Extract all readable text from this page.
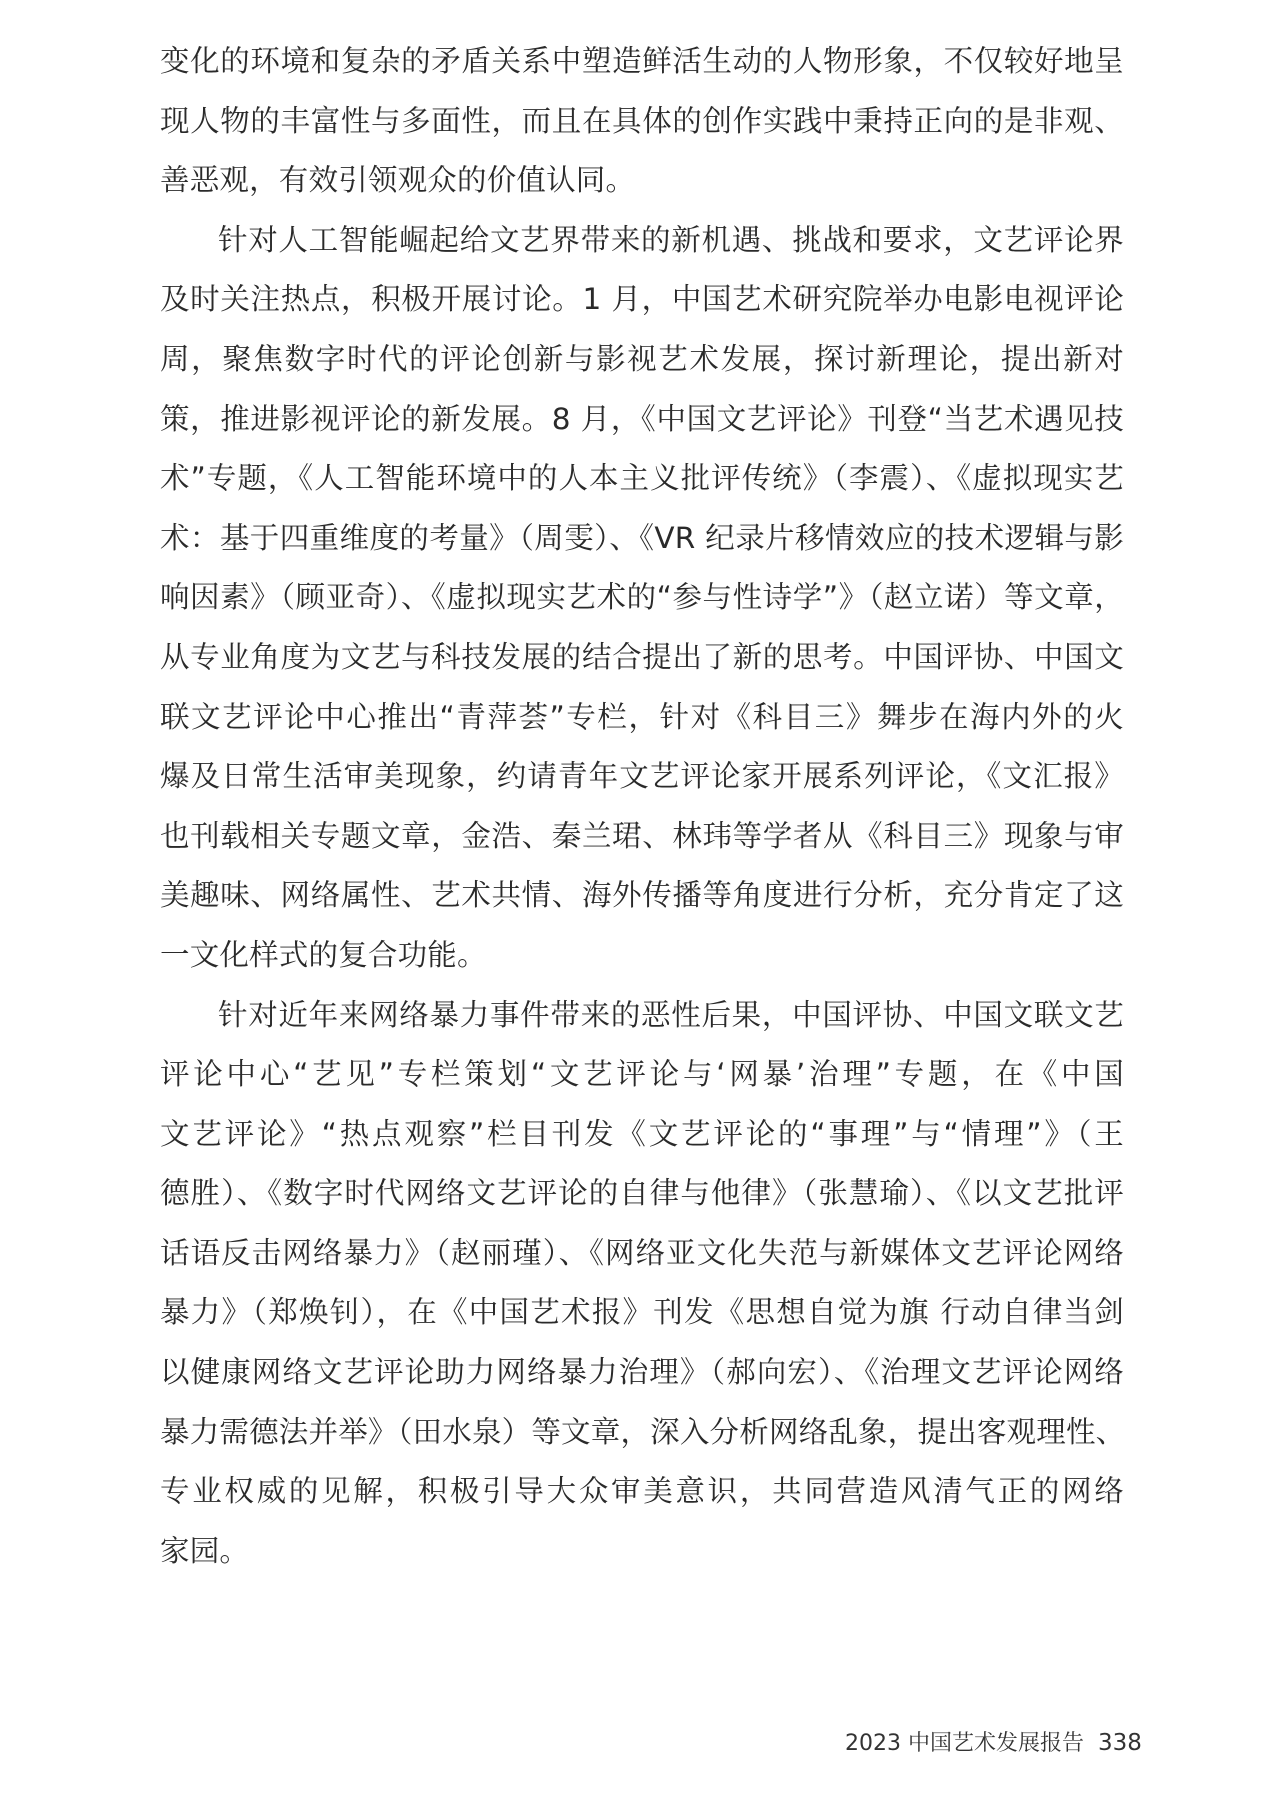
变化的环境和复杂的矛盾关系中塑造鲜活生动的人物形象，不仅较好地呈
现人物的丰富性与多面性，而且在具体的创作实践中秉持正向的是非观、
善恶观，有效引领观众的价值认同。
针对人工智能崛起给文艺界带来的新机遇、挑战和要求，文艺评论界
及时关注热点，积极开展讨论。1 月，中国艺术研究院举办电影电视评论
周，聚焦数字时代的评论创新与影视艺术发展，探讨新理论，提出新对
策，推进影视评论的新发展。8 月，《中国文艺评论》刊登“当艺术遇见技
术”专题，《人工智能环境中的人本主义批评传统》（李震）、《虚拟现实艺
术：基于四重维度的考量》（周雯）、《VR 纪录片移情效应的技术逻辑与影
响因素》（顾亚奇）、《虚拟现实艺术的“参与性诗学”》（赵立诺）等文章，
从专业角度为文艺与科技发展的结合提出了新的思考。中国评协、中国文
联文艺评论中心推出“青萍荟”专栏，针对《科目三》舞步在海内外的火
爆及日常生活审美现象，约请青年文艺评论家开展系列评论，《文汇报》
也刊载相关专题文章，金浩、秦兰珺、林玮等学者从《科目三》现象与审
美趣味、网络属性、艺术共情、海外传播等角度进行分析，充分肯定了这
一文化样式的复合功能。
针对近年来网络暴力事件带来的恶性后果，中国评协、中国文联文艺
评论中心“艺见”专栏策划“文艺评论与‘网暴’治理”专题，在《中国
文艺评论》“热点观察”栏目刊发《文艺评论的“事理”与“情理”》（王
德胜）、《数字时代网络文艺评论的自律与他律》（张慧瑜）、《以文艺批评
话语反击网络暴力》（赵丽瑾）、《网络亚文化失范与新媒体文艺评论网络
暴力》（郑焕钊），在《中国艺术报》刊发《思想自觉为旗 行动自律当剑
以健康网络文艺评论助力网络暴力治理》（郝向宏）、《治理文艺评论网络
暴力需德法并举》（田水泉）等文章，深入分析网络乱象，提出客观理性、
专业权威的见解，积极引导大众审美意识，共同营造风清气正的网络
家园。
2023 中国艺术发展报告 338
